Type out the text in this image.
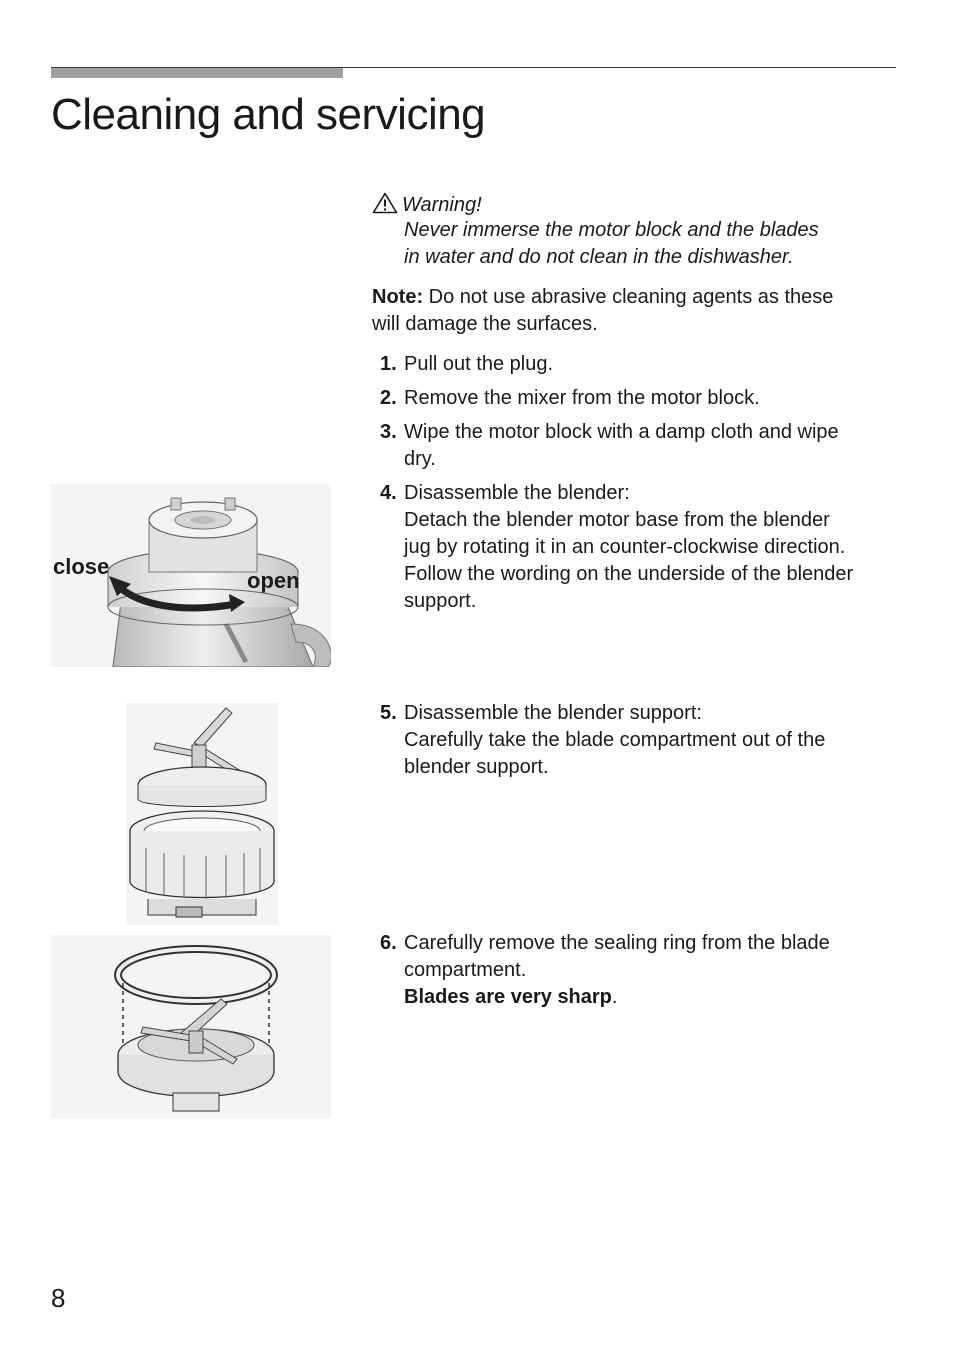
Cleaning and servicing
Warning!
Never immerse the motor block and the blades
in water and do not clean in the dishwasher.
Note: Do not use abrasive cleaning agents as these
will damage the surfaces.
1. Pull out the plug.
2. Remove the mixer from the motor block.
3. Wipe the motor block with a damp cloth and wipe
dry.
4. Disassemble the blender:
Detach the blender motor base from the blender
jug by rotating it in an counter-clockwise direction.
Follow the wording on the underside of the blender
support.
5. Disassemble the blender support:
Carefully take the blade compartment out of the
blender support.
6. Carefully remove the sealing ring from the blade
compartment.
Blades are very sharp.
close
open
8
